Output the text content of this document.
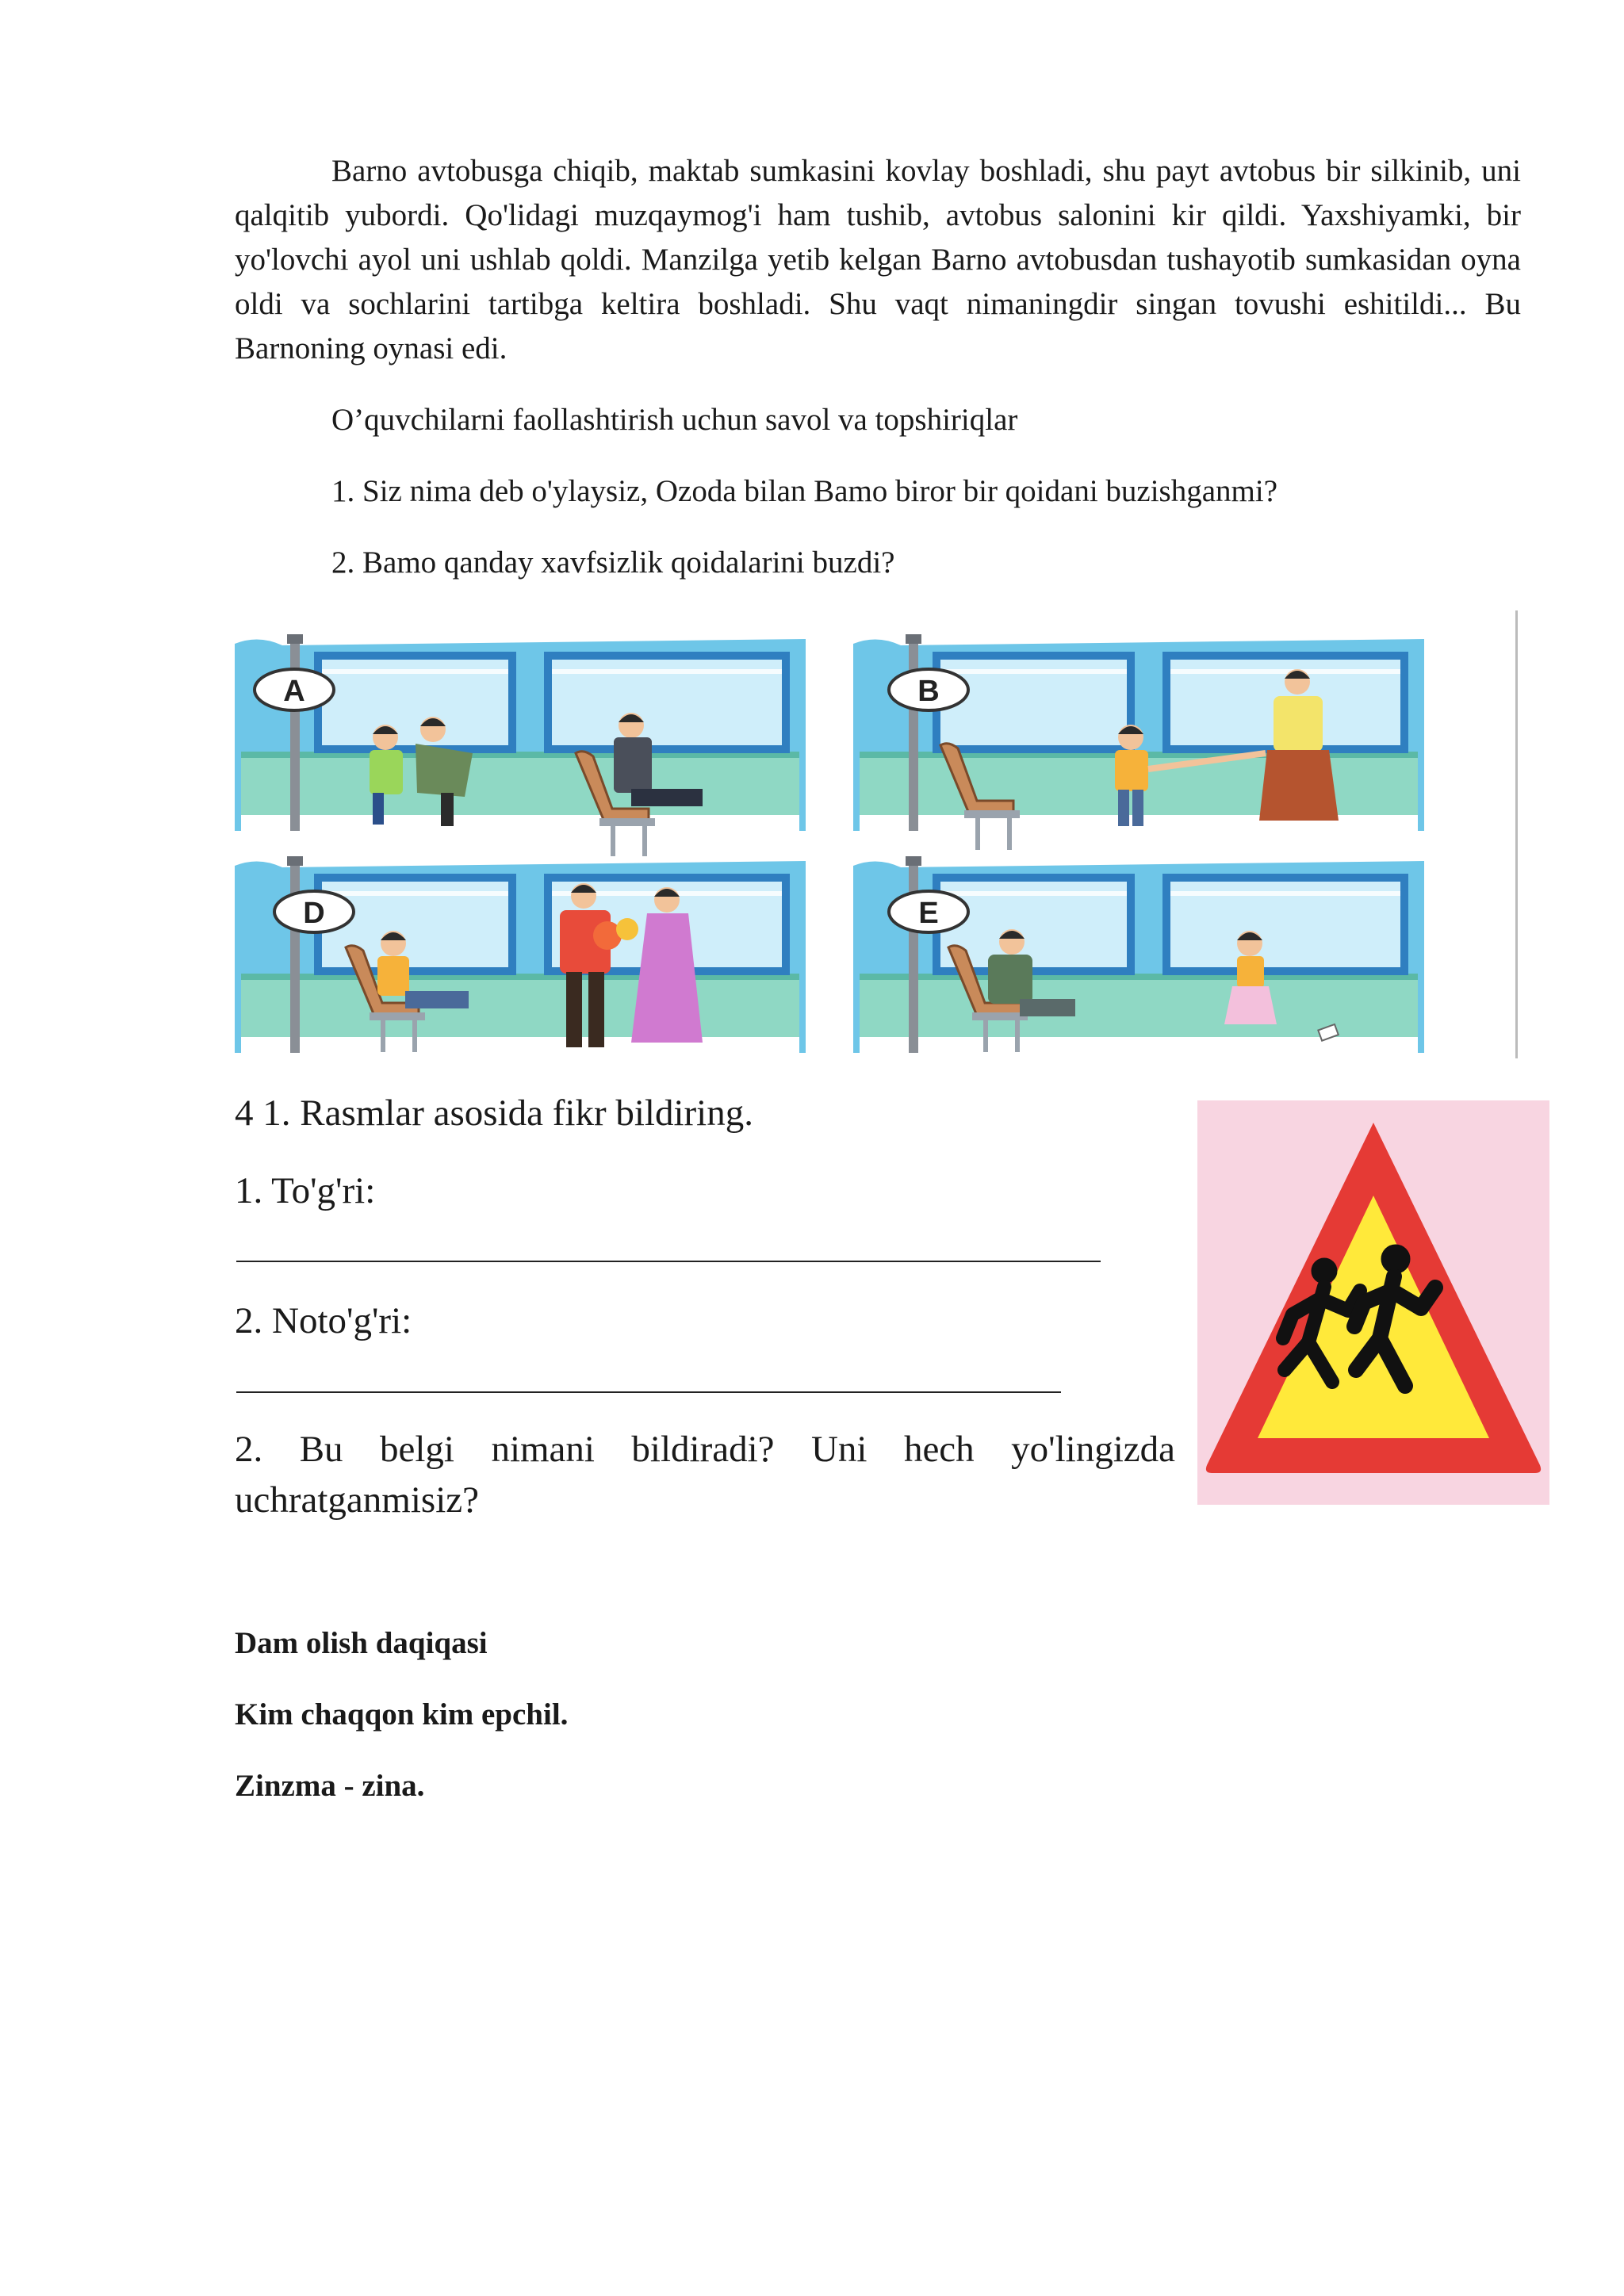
Barno avtobusga chiqib, maktab sumkasini kovlay boshladi, shu payt avtobus bir silkinib, uni qalqitib yubordi. Qo'lidagi muzqaymog'i ham tushib, avtobus salonini kir qildi. Yaxshiyamki, bir yo'lovchi ayol uni ushlab qoldi. Manzilga yetib kelgan Barno avtobusdan tushayotib sumkasidan oyna oldi va sochlarini tartibga keltira boshladi. Shu vaqt nimaningdir singan tovushi eshitildi... Bu Barnoning oynasi edi.

O’quvchilarni faollashtirish uchun savol va topshiriqlar

1. Siz nima deb o'ylaysiz, Ozoda bilan Bamo biror bir qoidani buzishganmi?

2. Bamo qanday xavfsizlik qoidalarini buzdi?

A	B
D	E

4 1. Rasmlar asosida fikr bildiring.

1. To'g'ri:

2. Noto'g'ri:

2. Bu belgi nimani bildiradi? Uni hech yo'lingizda uchratganmisiz?

Dam olish daqiqasi

Kim chaqqon kim epchil.

Zinzma - zina.
